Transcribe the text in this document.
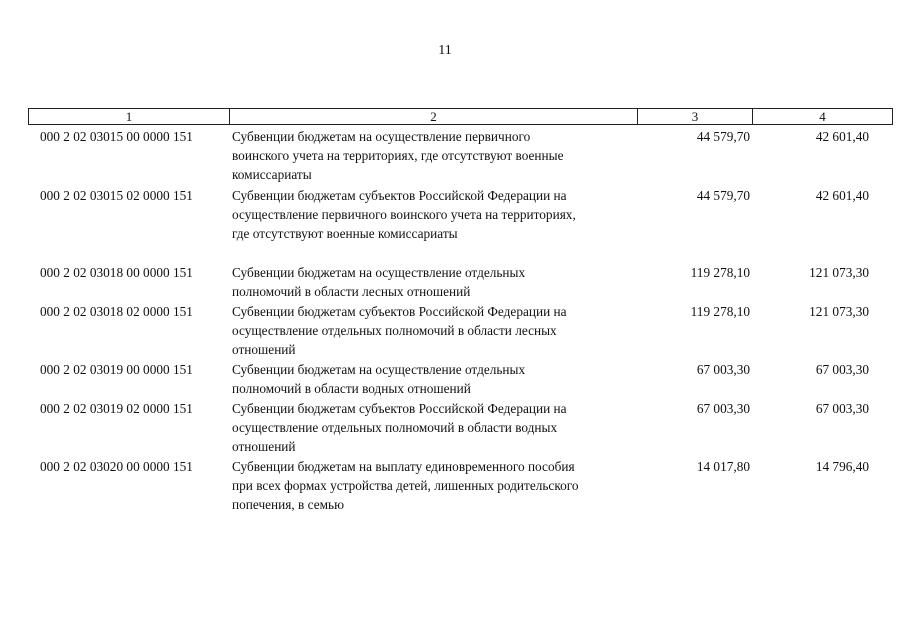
11
1	2	3	4
000 2 02 03015 00 0000 151	Субвенции бюджетам на осуществление первичного
воинского учета на территориях, где отсутствуют военные
комиссариаты
44 579,70	42 601,40
000 2 02 03015 02 0000 151	Субвенции бюджетам субъектов Российской Федерации на
осуществление первичного воинского учета на территориях,
где отсутствуют военные комиссариаты
44 579,70	42 601,40
000 2 02 03018 00 0000 151	Субвенции бюджетам на осуществление отдельных
полномочий в области лесных отношений
119 278,10	121 073,30
000 2 02 03018 02 0000 151	Субвенции бюджетам субъектов Российской Федерации на
осуществление отдельных полномочий в области лесных
отношений
119 278,10	121 073,30
000 2 02 03019 00 0000 151	Субвенции бюджетам на осуществление отдельных
полномочий в области водных отношений
67 003,30	67 003,30
000 2 02 03019 02 0000 151	Субвенции бюджетам субъектов Российской Федерации на
осуществление отдельных полномочий в области водных
отношений
67 003,30	67 003,30
000 2 02 03020 00 0000 151	Субвенции бюджетам на выплату единовременного пособия
при всех формах устройства детей, лишенных родительского
попечения, в семью
14 017,80	14 796,40
